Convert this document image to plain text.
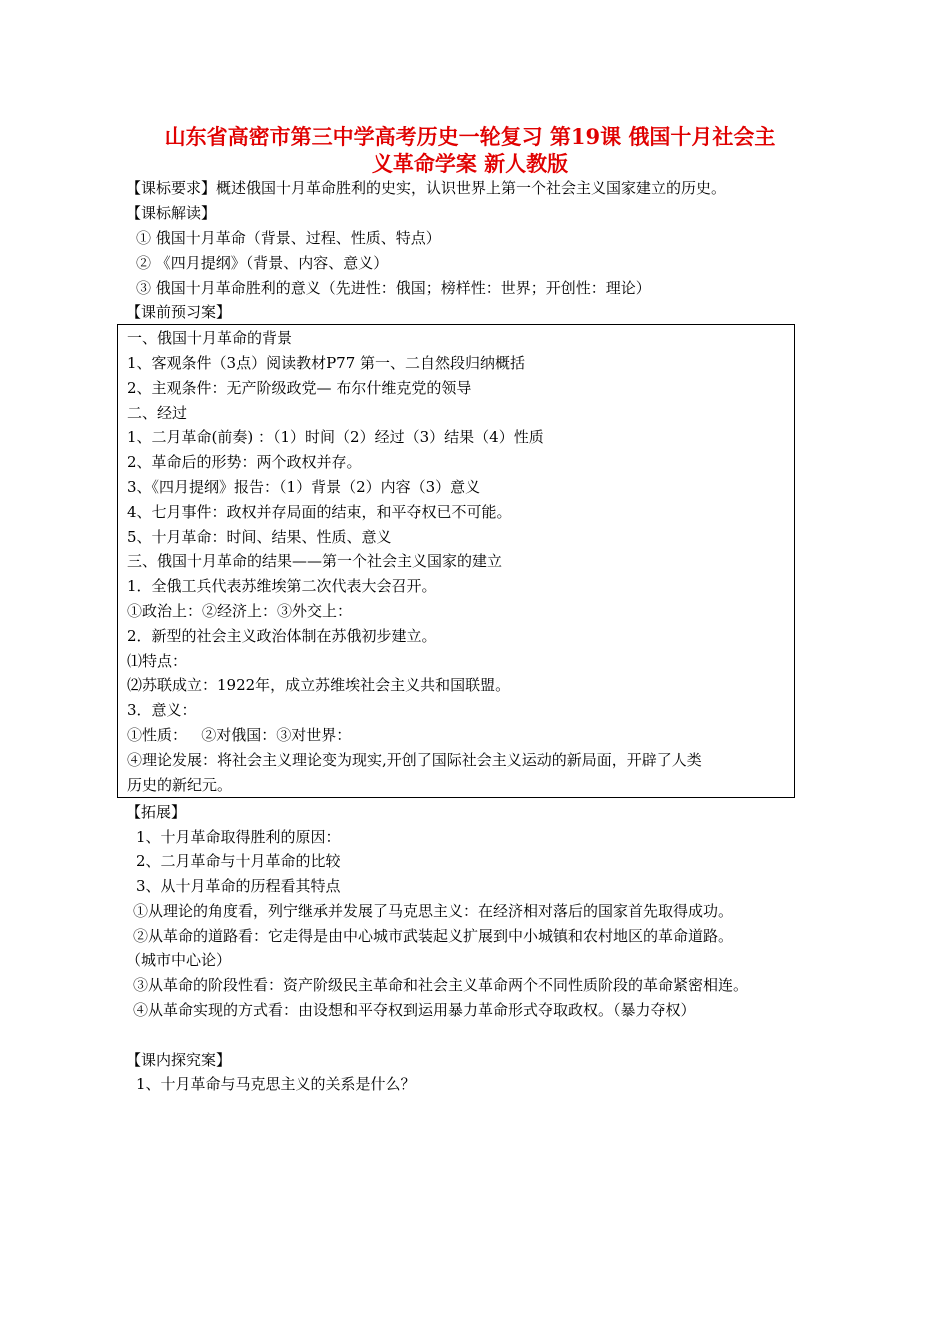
山东省高密市第三中学高考历史一轮复习 第19课 俄国十月社会主
义革命学案 新人教版
【课标要求】概述俄国十月革命胜利的史实，认识世界上第一个社会主义国家建立的历史。
【课标解读】
① 俄国十月革命（背景、过程、性质、特点）
② 《四月提纲》（背景、内容、意义）
③ 俄国十月革命胜利的意义（先进性：俄国；榜样性：世界；开创性：理论）
【课前预习案】
一、俄国十月革命的背景
1、客观条件（3点）阅读教材P77 第一、二自然段归纳概括
2、主观条件：无产阶级政党— 布尔什维克党的领导
二、经过
1、二月革命(前奏) ：（1）时间（2）经过（3）结果（4）性质
2、革命后的形势：两个政权并存。
3、《四月提纲》报告：（1）背景（2）内容（3）意义
4、七月事件：政权并存局面的结束，和平夺权已不可能。
5、十月革命：时间、结果、性质、意义
三、俄国十月革命的结果——第一个社会主义国家的建立
1．全俄工兵代表苏维埃第二次代表大会召开。
①政治上：②经济上：③外交上：
2．新型的社会主义政治体制在苏俄初步建立。
⑴特点：
⑵苏联成立：1922年，成立苏维埃社会主义共和国联盟。
3．意义：
①性质：   ②对俄国：③对世界：
④理论发展：将社会主义理论变为现实,开创了国际社会主义运动的新局面，开辟了人类
历史的新纪元。
【拓展】
1、十月革命取得胜利的原因：
2、二月革命与十月革命的比较
3、从十月革命的历程看其特点
①从理论的角度看，列宁继承并发展了马克思主义：在经济相对落后的国家首先取得成功。
②从革命的道路看：它走得是由中心城市武装起义扩展到中小城镇和农村地区的革命道路。
（城市中心论）
③从革命的阶段性看：资产阶级民主革命和社会主义革命两个不同性质阶段的革命紧密相连。
④从革命实现的方式看：由设想和平夺权到运用暴力革命形式夺取政权。（暴力夺权）
【课内探究案】
1、十月革命与马克思主义的关系是什么？
